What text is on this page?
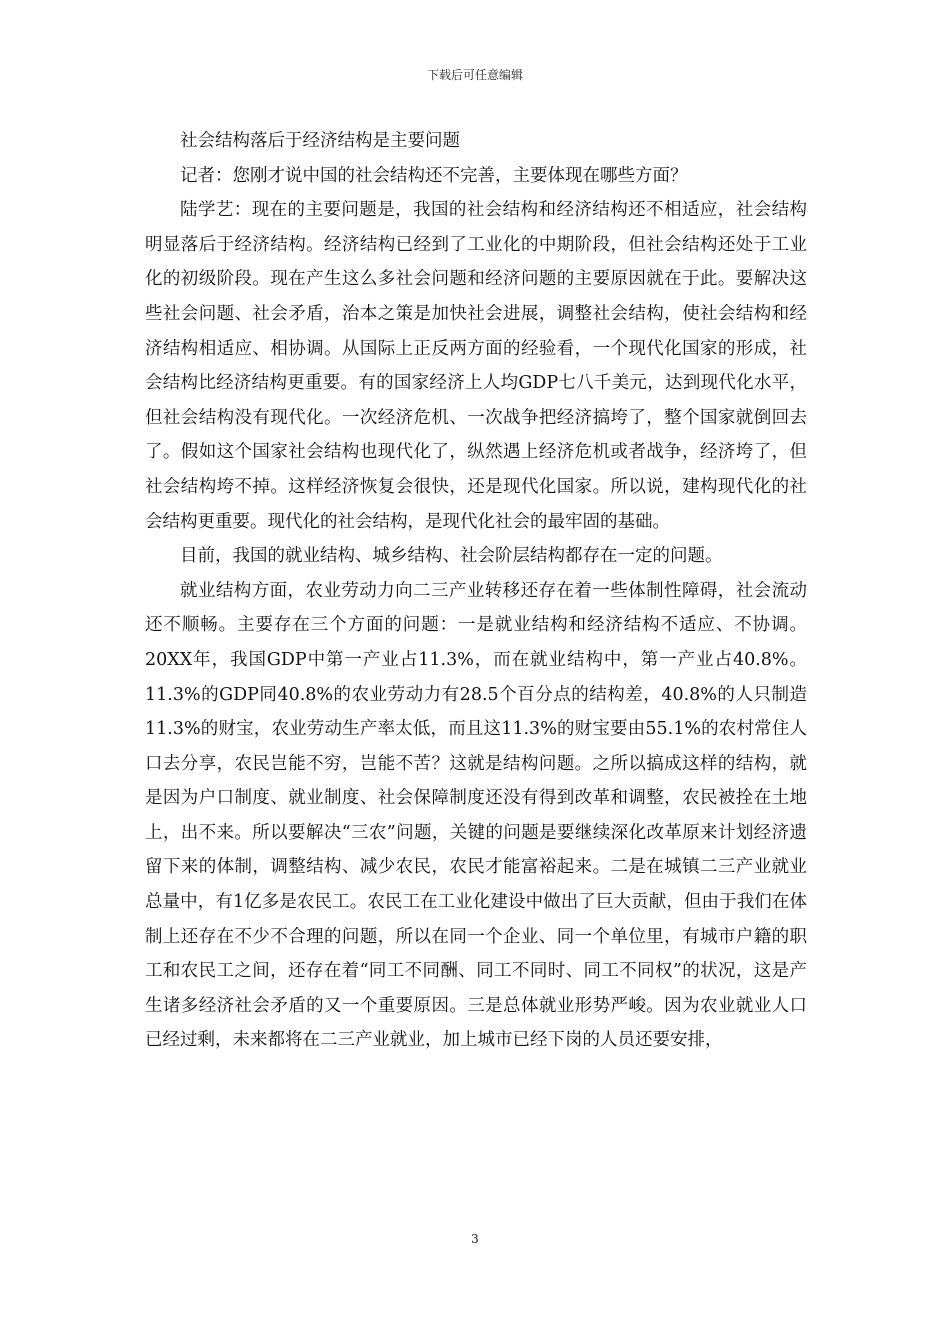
下载后可任意编辑

社会结构落后于经济结构是主要问题

记者：您刚才说中国的社会结构还不完善，主要体现在哪些方面？

陆学艺：现在的主要问题是，我国的社会结构和经济结构还不相适应，社会结构明显落后于经济结构。经济结构已经到了工业化的中期阶段，但社会结构还处于工业化的初级阶段。现在产生这么多社会问题和经济问题的主要原因就在于此。要解决这些社会问题、社会矛盾，治本之策是加快社会进展，调整社会结构，使社会结构和经济结构相适应、相协调。从国际上正反两方面的经验看，一个现代化国家的形成，社会结构比经济结构更重要。有的国家经济上人均GDP七八千美元，达到现代化水平，但社会结构没有现代化。一次经济危机、一次战争把经济搞垮了，整个国家就倒回去了。假如这个国家社会结构也现代化了，纵然遇上经济危机或者战争，经济垮了，但社会结构垮不掉。这样经济恢复会很快，还是现代化国家。所以说，建构现代化的社会结构更重要。现代化的社会结构，是现代化社会的最牢固的基础。

目前，我国的就业结构、城乡结构、社会阶层结构都存在一定的问题。

就业结构方面，农业劳动力向二三产业转移还存在着一些体制性障碍，社会流动还不顺畅。主要存在三个方面的问题：一是就业结构和经济结构不适应、不协调。20XX年，我国GDP中第一产业占11.3%，而在就业结构中，第一产业占40.8%。11.3%的GDP同40.8%的农业劳动力有28.5个百分点的结构差，40.8%的人只制造11.3%的财宝，农业劳动生产率太低，而且这11.3%的财宝要由55.1%的农村常住人口去分享，农民岂能不穷，岂能不苦？这就是结构问题。之所以搞成这样的结构，就是因为户口制度、就业制度、社会保障制度还没有得到改革和调整，农民被拴在土地上，出不来。所以要解决“三农”问题，关键的问题是要继续深化改革原来计划经济遗留下来的体制，调整结构、减少农民，农民才能富裕起来。二是在城镇二三产业就业总量中，有1亿多是农民工。农民工在工业化建设中做出了巨大贡献，但由于我们在体制上还存在不少不合理的问题，所以在同一个企业、同一个单位里，有城市户籍的职工和农民工之间，还存在着“同工不同酬、同工不同时、同工不同权”的状况，这是产生诸多经济社会矛盾的又一个重要原因。三是总体就业形势严峻。因为农业就业人口已经过剩，未来都将在二三产业就业，加上城市已经下岗的人员还要安排，

3
